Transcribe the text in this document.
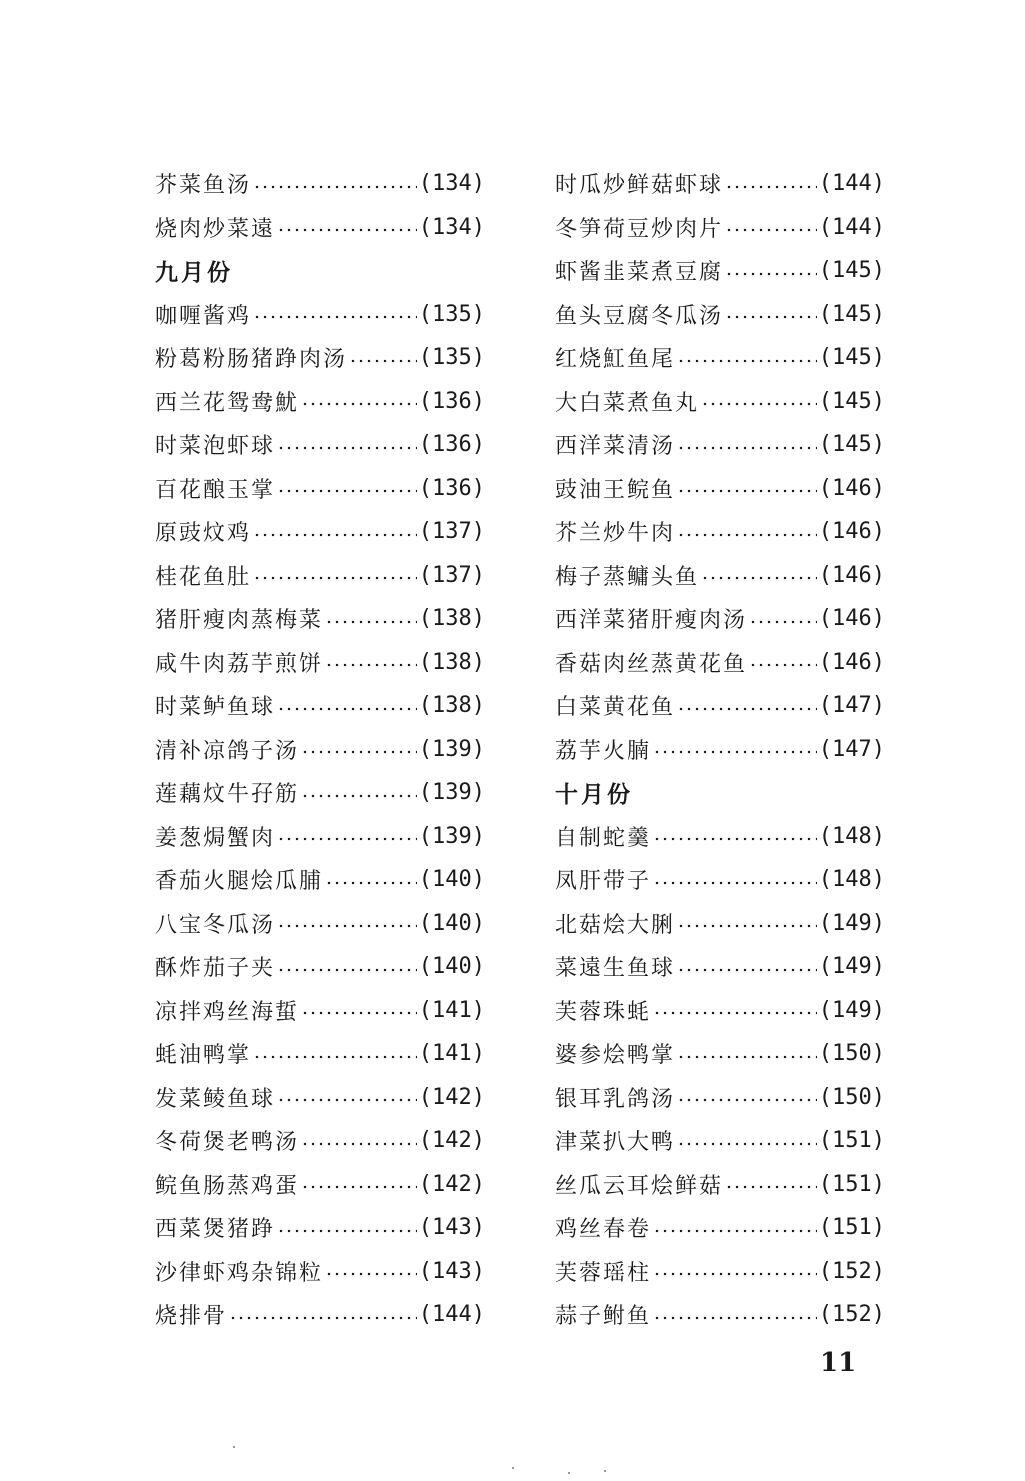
芥菜鱼汤	(134)
烧肉炒菜遠	(134)
九月份
咖喱酱鸡	(135)
粉葛粉肠猪踭肉汤	(135)
西兰花鸳鸯魷	(136)
时菜泡虾球	(136)
百花酿玉掌	(136)
原豉炆鸡	(137)
桂花鱼肚	(137)
猪肝瘦肉蒸梅菜	(138)
咸牛肉荔芋煎饼	(138)
时菜鲈鱼球	(138)
清补凉鸽子汤	(139)
莲藕炆牛孖筋	(139)
姜葱焗蟹肉	(139)
香茄火腿烩瓜脯	(140)
八宝冬瓜汤	(140)
酥炸茄子夹	(140)
凉拌鸡丝海蜇	(141)
蚝油鸭掌	(141)
发菜鲮鱼球	(142)
冬荷煲老鸭汤	(142)
鲩鱼肠蒸鸡蛋	(142)
西菜煲猪踭	(143)
沙律虾鸡杂锦粒	(143)
烧排骨	(144)
时瓜炒鲜菇虾球	(144)
冬笋荷豆炒肉片	(144)
虾酱韭菜煮豆腐	(145)
鱼头豆腐冬瓜汤	(145)
红烧魟鱼尾	(145)
大白菜煮鱼丸	(145)
西洋菜清汤	(145)
豉油王鲩鱼	(146)
芥兰炒牛肉	(146)
梅子蒸鳙头鱼	(146)
西洋菜猪肝瘦肉汤	(146)
香菇肉丝蒸黄花鱼	(146)
白菜黄花鱼	(147)
荔芋火腩	(147)
十月份
自制蛇羹	(148)
凤肝带子	(148)
北菇烩大脷	(149)
菜遠生鱼球	(149)
芙蓉珠蚝	(149)
婆参烩鸭掌	(150)
银耳乳鸽汤	(150)
津菜扒大鸭	(151)
丝瓜云耳烩鲜菇	(151)
鸡丝春卷	(151)
芙蓉瑶柱	(152)
蒜子鲋鱼	(152)
11
